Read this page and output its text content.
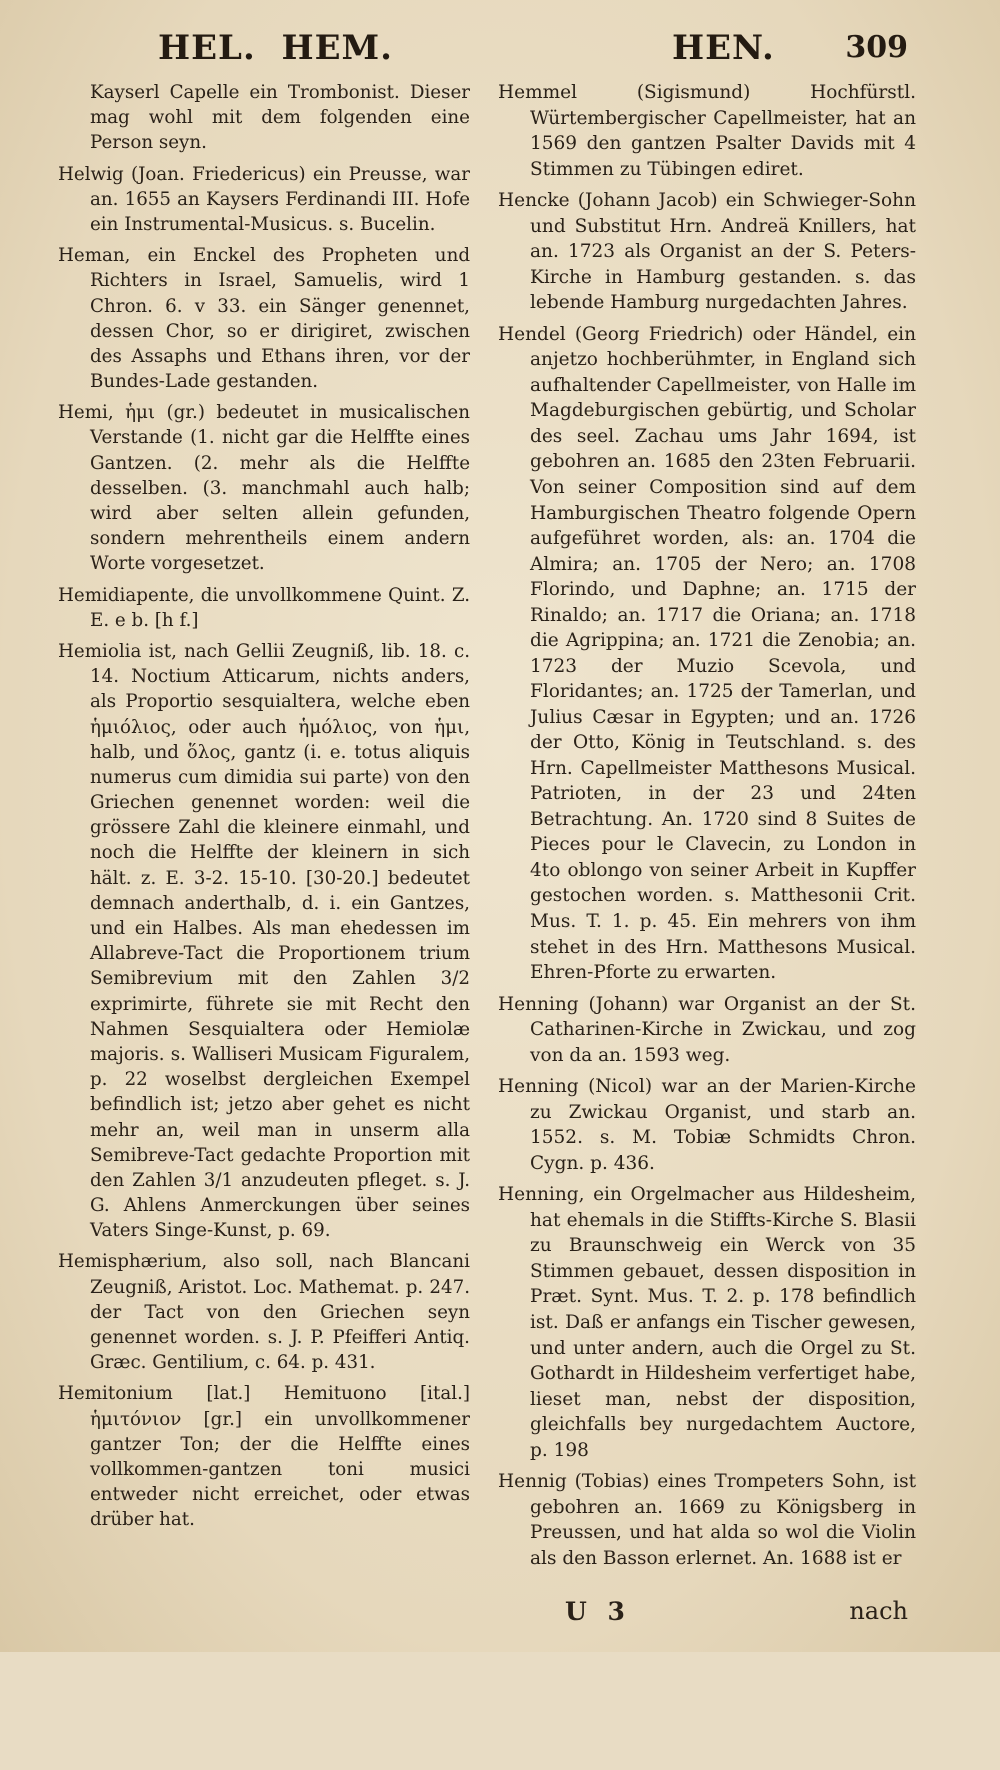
HEL. HEM.	HEN. 309

Kayserl Capelle ein Trombonist. Dieser mag wohl mit dem folgenden eine Person seyn.

Helwig (Joan. Friedericus) ein Preusse, war an. 1655 an Kaysers Ferdinandi III. Hofe ein Instrumental-Musicus. s. Bucelin.

Heman, ein Enckel des Propheten und Richters in Israel, Samuelis, wird 1 Chron. 6. v 33. ein Sänger genennet, dessen Chor, so er dirigiret, zwischen des Assaphs und Ethans ihren, vor der Bundes-Lade gestanden.

Hemi, ἡμι (gr.) bedeutet in musicalischen Verstande (1. nicht gar die Helffte eines Gantzen. (2. mehr als die Helffte desselben. (3. manchmahl auch halb; wird aber selten allein gefunden, sondern mehrentheils einem andern Worte vorgesetzet.

Hemidiapente, die unvollkommene Quint. Z. E. e b. [h f.]

Hemiolia ist, nach Gellii Zeugniß, lib. 18. c. 14. Noctium Atticarum, nichts anders, als Proportio sesquialtera, welche eben ἡμιόλιος, oder auch ἡμόλιος, von ἡμι, halb, und ὅλος, gantz (i. e. totus aliquis numerus cum dimidia sui parte) von den Griechen genennet worden: weil die grössere Zahl die kleinere einmahl, und noch die Helffte der kleinern in sich hält. z. E. 3-2. 15-10. [30-20.] bedeutet demnach anderthalb, d. i. ein Gantzes, und ein Halbes. Als man ehedessen im Allabreve-Tact die Proportionem trium Semibrevium mit den Zahlen 3/2 exprimirte, führete sie mit Recht den Nahmen Sesquialtera oder Hemiolæ majoris. s. Walliseri Musicam Figuralem, p. 22 woselbst dergleichen Exempel befindlich ist; jetzo aber gehet es nicht mehr an, weil man in unserm alla Semibreve-Tact gedachte Proportion mit den Zahlen 3/1 anzudeuten pfleget. s. J. G. Ahlens Anmerckungen über seines Vaters Singe-Kunst, p. 69.

Hemisphærium, also soll, nach Blancani Zeugniß, Aristot. Loc. Mathemat. p. 247. der Tact von den Griechen seyn genennet worden. s. J. P. Pfeifferi Antiq. Græc. Gentilium, c. 64. p. 431.

Hemitonium [lat.] Hemituono [ital.] ἡμιτόνιον [gr.] ein unvollkommener gantzer Ton; der die Helffte eines vollkommen-gantzen toni musici entweder nicht erreichet, oder etwas drüber hat.

Hemmel (Sigismund) Hochfürstl. Würtembergischer Capellmeister, hat an 1569 den gantzen Psalter Davids mit 4 Stimmen zu Tübingen ediret.

Hencke (Johann Jacob) ein Schwieger-Sohn und Substitut Hrn. Andreä Knillers, hat an. 1723 als Organist an der S. Peters-Kirche in Hamburg gestanden. s. das lebende Hamburg nurgedachten Jahres.

Hendel (Georg Friedrich) oder Händel, ein anjetzo hochberühmter, in England sich aufhaltender Capellmeister, von Halle im Magdeburgischen gebürtig, und Scholar des seel. Zachau ums Jahr 1694, ist gebohren an. 1685 den 23ten Februarii. Von seiner Composition sind auf dem Hamburgischen Theatro folgende Opern aufgeführet worden, als: an. 1704 die Almira; an. 1705 der Nero; an. 1708 Florindo, und Daphne; an. 1715 der Rinaldo; an. 1717 die Oriana; an. 1718 die Agrippina; an. 1721 die Zenobia; an. 1723 der Muzio Scevola, und Floridantes; an. 1725 der Tamerlan, und Julius Cæsar in Egypten; und an. 1726 der Otto, König in Teutschland. s. des Hrn. Capellmeister Matthesons Musical. Patrioten, in der 23 und 24ten Betrachtung. An. 1720 sind 8 Suites de Pieces pour le Clavecin, zu London in 4to oblongo von seiner Arbeit in Kupffer gestochen worden. s. Matthesonii Crit. Mus. T. 1. p. 45. Ein mehrers von ihm stehet in des Hrn. Matthesons Musical. Ehren-Pforte zu erwarten.

Henning (Johann) war Organist an der St. Catharinen-Kirche in Zwickau, und zog von da an. 1593 weg.

Henning (Nicol) war an der Marien-Kirche zu Zwickau Organist, und starb an. 1552. s. M. Tobiæ Schmidts Chron. Cygn. p. 436.

Henning, ein Orgelmacher aus Hildesheim, hat ehemals in die Stiffts-Kirche S. Blasii zu Braunschweig ein Werck von 35 Stimmen gebauet, dessen disposition in Præt. Synt. Mus. T. 2. p. 178 befindlich ist. Daß er anfangs ein Tischer gewesen, und unter andern, auch die Orgel zu St. Gothardt in Hildesheim verfertiget habe, lieset man, nebst der disposition, gleichfalls bey nurgedachtem Auctore, p. 198

Hennig (Tobias) eines Trompeters Sohn, ist gebohren an. 1669 zu Königsberg in Preussen, und hat alda so wol die Violin als den Basson erlernet. An. 1688 ist er

U 3	nach
